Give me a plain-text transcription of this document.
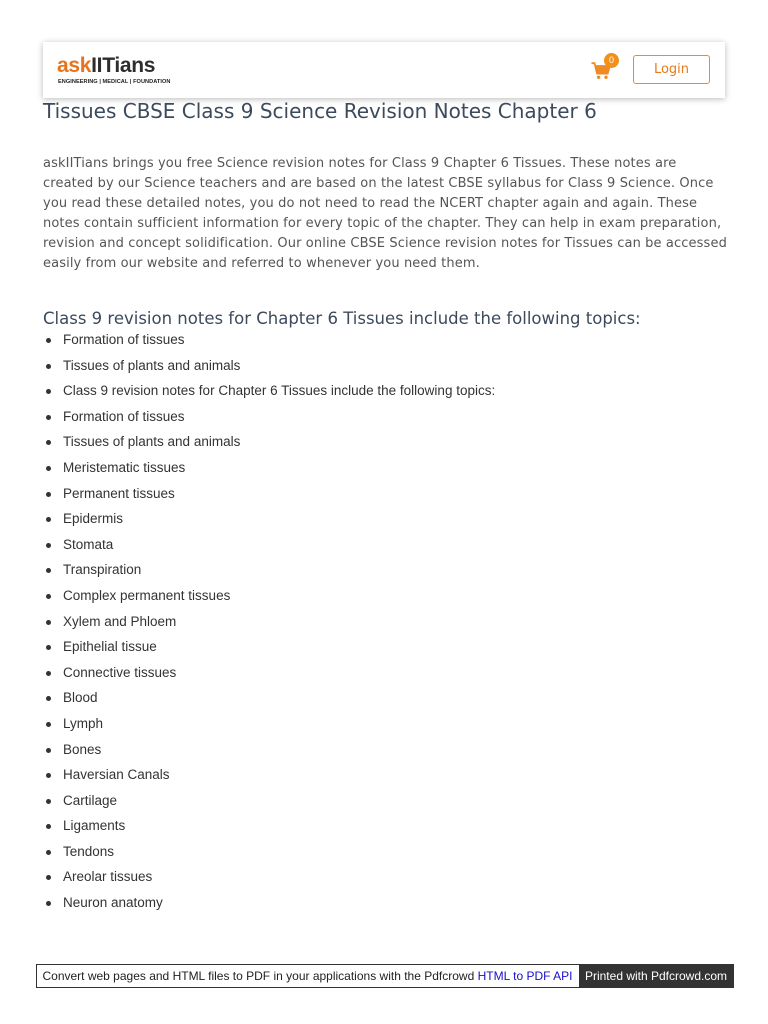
askIITians
ENGINEERING | MEDICAL | FOUNDATION
0
Login
Tissues CBSE Class 9 Science Revision Notes Chapter 6

askIITians brings you free Science revision notes for Class 9 Chapter 6 Tissues. These notes are created by our Science teachers and are based on the latest CBSE syllabus for Class 9 Science. Once you read these detailed notes, you do not need to read the NCERT chapter again and again. These notes contain sufficient information for every topic of the chapter. They can help in exam preparation, revision and concept solidification. Our online CBSE Science revision notes for Tissues can be accessed easily from our website and referred to whenever you need them.

Class 9 revision notes for Chapter 6 Tissues include the following topics:
Formation of tissues
Tissues of plants and animals
Class 9 revision notes for Chapter 6 Tissues include the following topics:
Formation of tissues
Tissues of plants and animals
Meristematic tissues
Permanent tissues
Epidermis
Stomata
Transpiration
Complex permanent tissues
Xylem and Phloem
Epithelial tissue
Connective tissues
Blood
Lymph
Bones
Haversian Canals
Cartilage
Ligaments
Tendons
Areolar tissues
Neuron anatomy
Convert web pages and HTML files to PDF in your applications with the Pdfcrowd HTML to PDF API	Printed with Pdfcrowd.com
